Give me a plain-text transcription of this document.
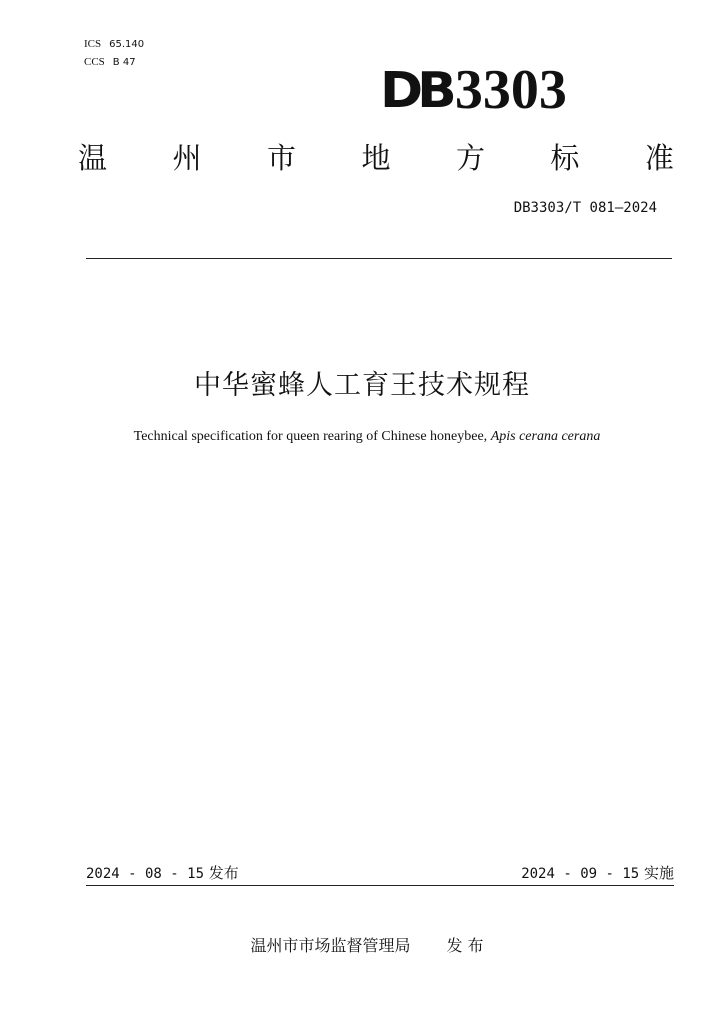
ICS 65.140
CCS B 47	DB3303
温 州 市 地 方 标 准
DB3303/T 081—2024
中华蜜蜂人工育王技术规程
Technical specification for queen rearing of Chinese honeybee, Apis cerana cerana
2024 - 08 - 15 发布	2024 - 09 - 15 实施
温州市市场监督管理局 发 布
